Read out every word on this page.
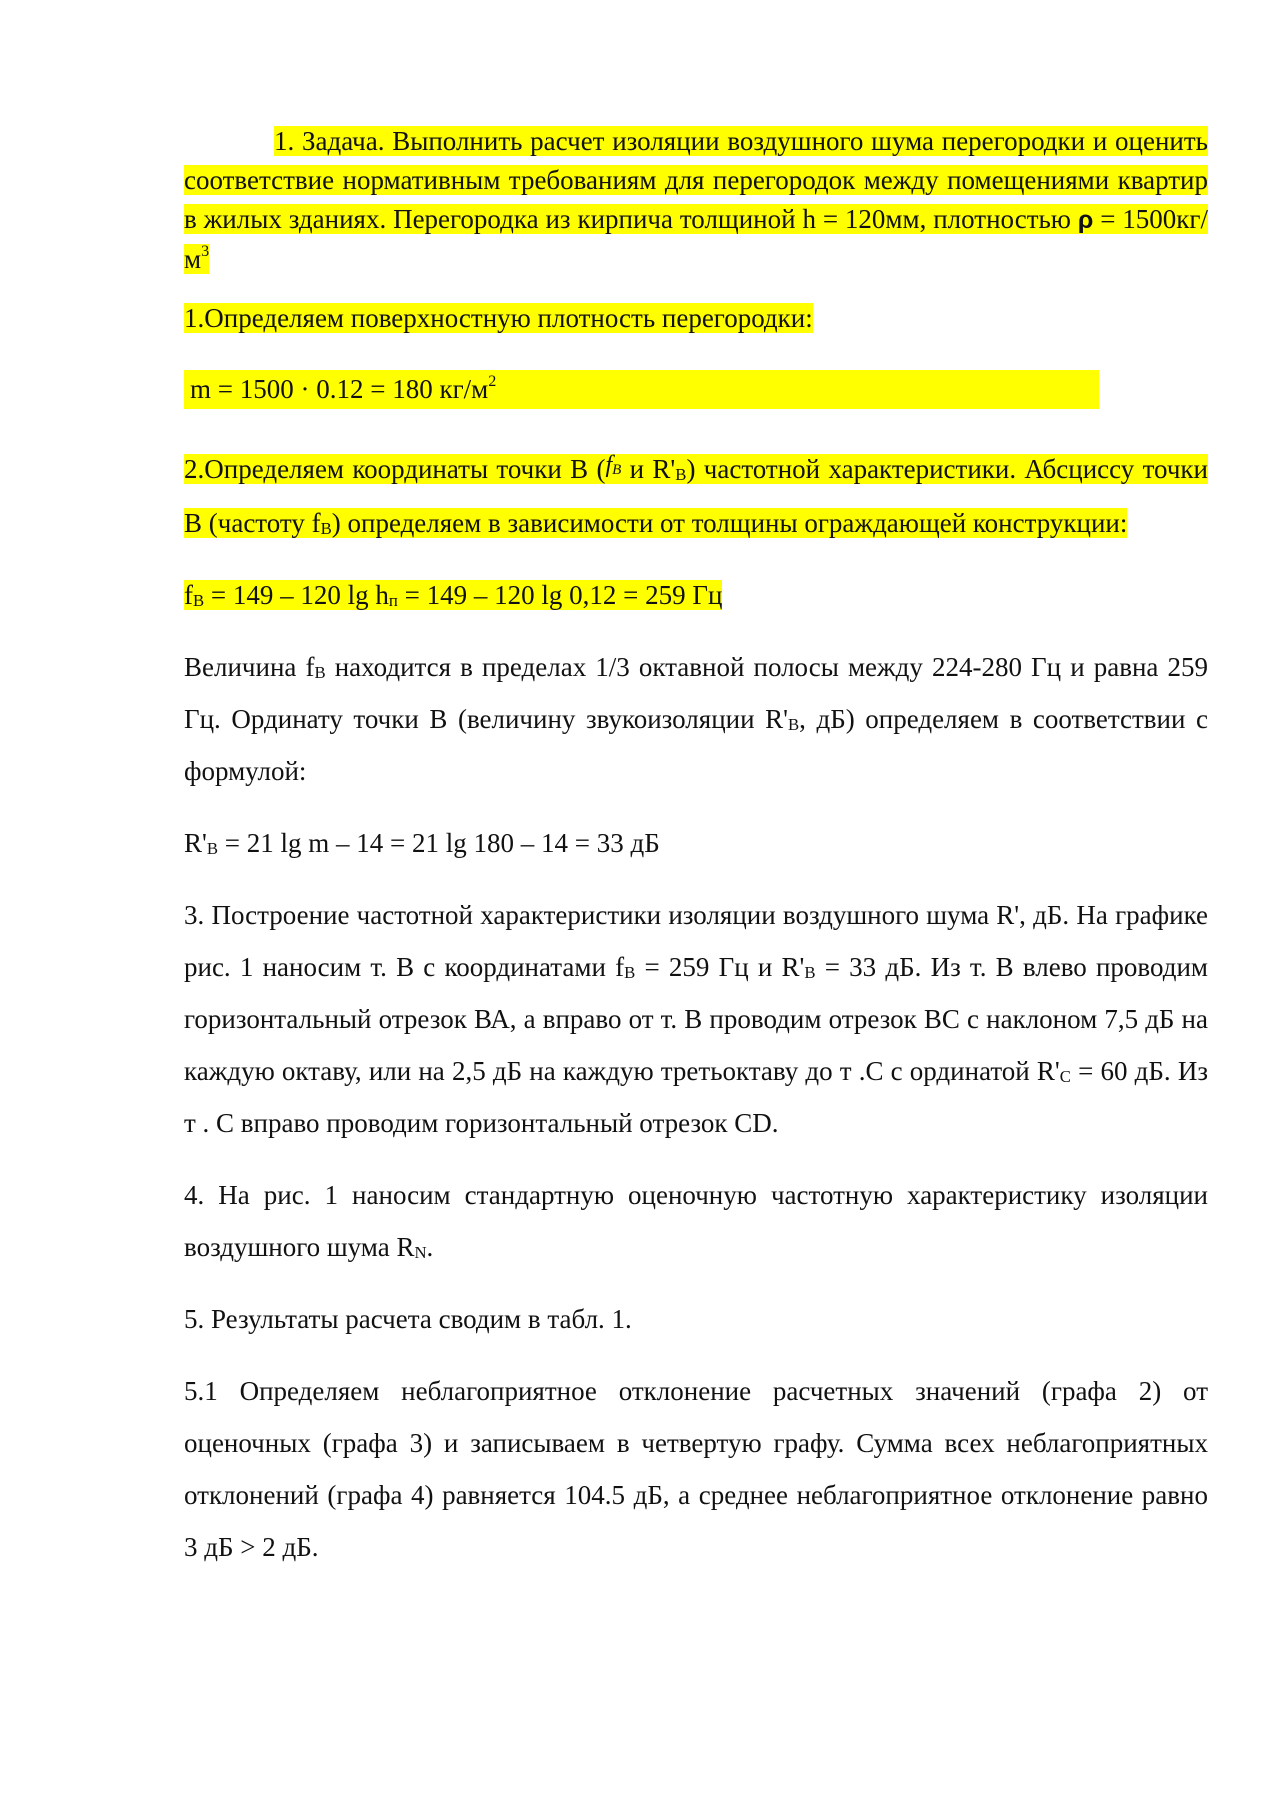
1. Задача. Выполнить расчет изоляции воздушного шума перегородки и оценить соответствие нормативным требованиям для перегородок между помещениями квартир в жилых зданиях. Перегородка из кирпича толщиной h = 120мм, плотностью $\rho = 1500кг/м^3$

1.Определяем поверхностную плотность перегородки:

m = 1500 · 0.12 = 180 $кг/м^2$

2.Определяем координаты точки В ($f_B$ и $R'_B$) частотной характеристики. Абсциссу точки В (частоту $f_B$) определяем в зависимости от толщины ограждающей конструкции:

$f_B = 149 - 120$ $\lg h_п = 149 - 120$ lg 0,12 = 259 Гц

Величина $f_B$ находится в пределах 1/3 октавной полосы между 224-280 Гц и равна 259 Гц. Ординату точки В (величину звукоизоляции $R'_B$, дБ) определяем в соответствии с формулой:

$R'_B = 21$ lg m – 14 = 21 lg 180 – 14 = 33 дБ

3. Построение частотной характеристики изоляции воздушного шума R', дБ. На графике рис. 1 наносим т. В с координатами $f_B = 259$ Гц и $R'_B = 33$ дБ. Из т. В влево проводим горизонтальный отрезок ВА, а вправо от т. В проводим отрезок ВС с наклоном 7,5 дБ на каждую октаву, или на 2,5 дБ на каждую третьоктаву до т .С с ординатой $R'_C = 60$ дБ. Из т . С вправо проводим горизонтальный отрезок CD.

4. На рис. 1 наносим стандартную оценочную частотную характеристику изоляции воздушного шума $R_N$.

5. Результаты расчета сводим в табл. 1.

5.1 Определяем неблагоприятное отклонение расчетных значений (графа 2) от оценочных (графа 3) и записываем в четвертую графу. Сумма всех неблагоприятных отклонений (графа 4) равняется 104.5 дБ, а среднее неблагоприятное отклонение равно 3 дБ > 2 дБ.
